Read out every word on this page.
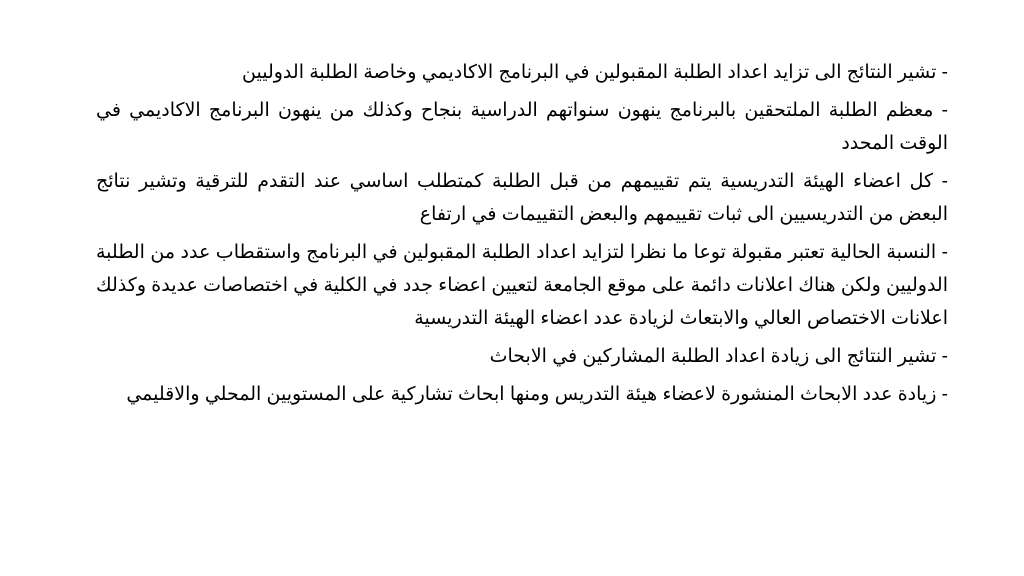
- تشير النتائج الى تزايد اعداد الطلبة المقبولين في البرنامج الاكاديمي وخاصة الطلبة الدوليين

- معظم الطلبة الملتحقين بالبرنامج ينهون سنواتهم الدراسية بنجاح وكذلك من ينهون البرنامج الاكاديمي في الوقت المحدد

- كل اعضاء الهيئة التدريسية يتم تقييمهم من قبل الطلبة كمتطلب اساسي عند التقدم للترقية وتشير نتائج البعض من التدريسيين الى ثبات تقييمهم والبعض التقييمات في ارتفاع

- النسبة الحالية تعتبر مقبولة توعا ما نظرا لتزايد اعداد الطلبة المقبولين في البرنامج واستقطاب عدد من الطلبة الدوليين ولكن هناك اعلانات دائمة على موقع الجامعة لتعيين اعضاء جدد في الكلية في اختصاصات عديدة وكذلك اعلانات الاختصاص العالي والابتعاث لزيادة عدد اعضاء الهيئة التدريسية

- تشير النتائج الى زيادة اعداد الطلبة المشاركين في الابحاث

- زيادة عدد الابحاث المنشورة لاعضاء هيئة التدريس ومنها ابحاث تشاركية على المستويين المحلي والاقليمي
